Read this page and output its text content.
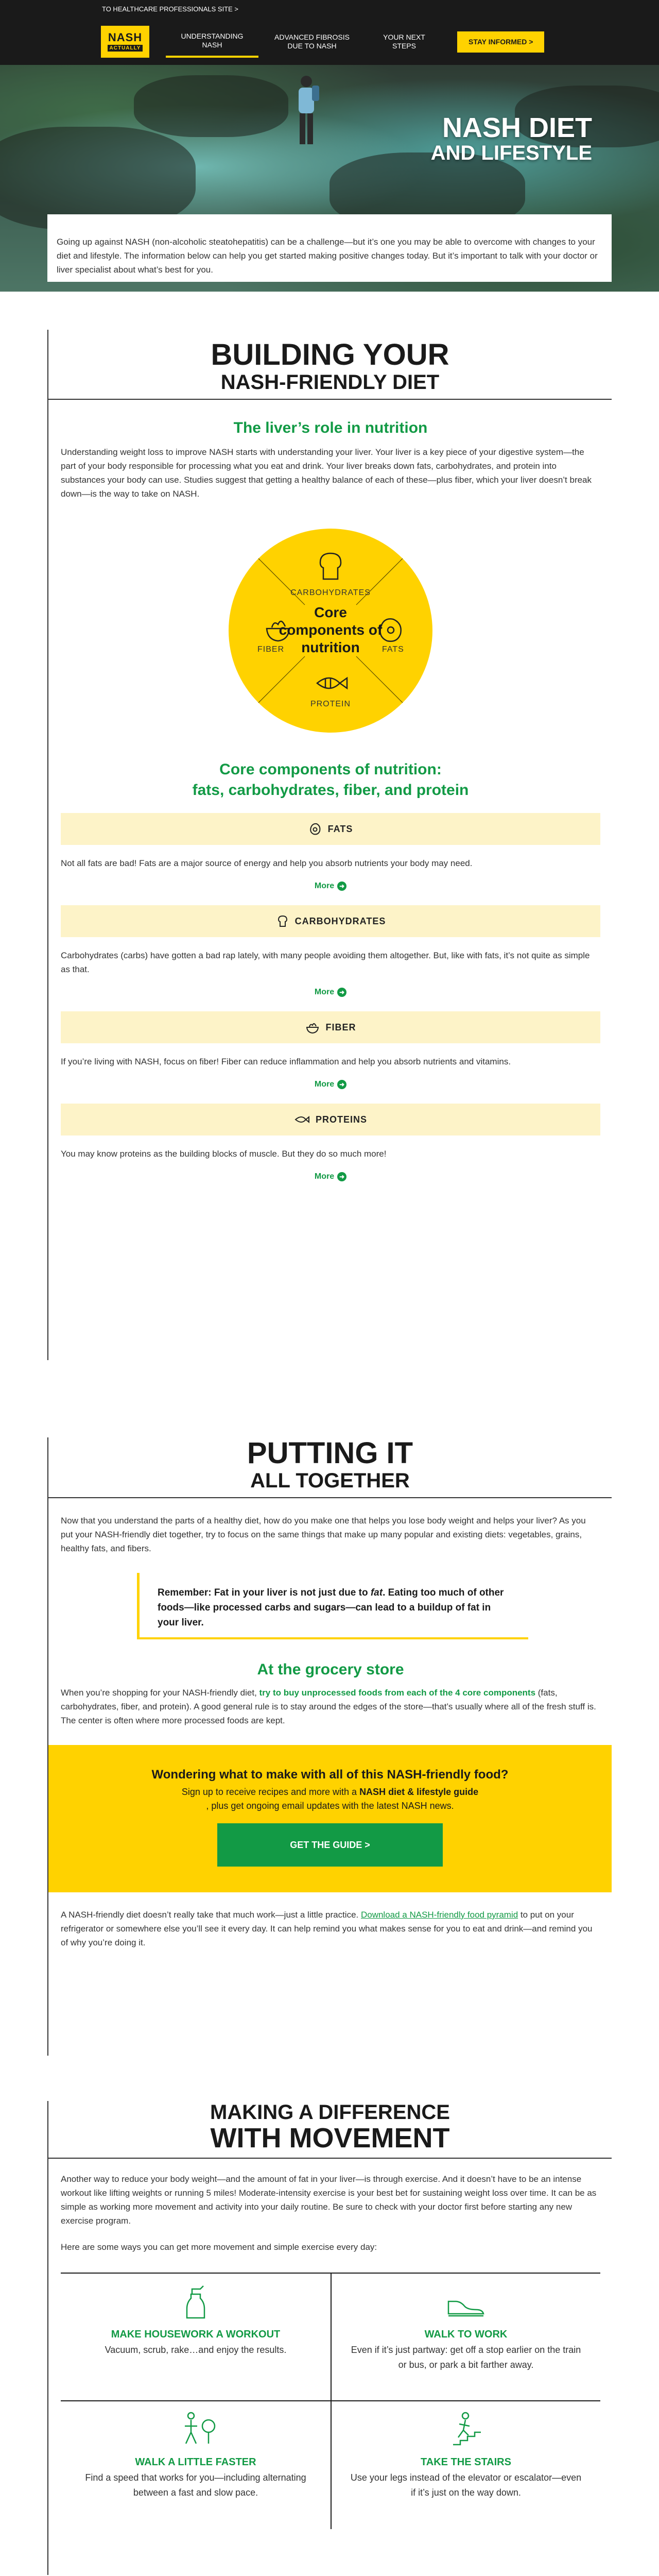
TO HEALTHCARE PROFESSIONALS SITE >
NASH
ACTUALLY
UNDERSTANDING NASH
ADVANCED FIBROSIS DUE TO NASH
YOUR NEXT STEPS
STAY INFORMED >
NASH DIET
AND LIFESTYLE
Going up against NASH (non-alcoholic steatohepatitis) can be a challenge—but it’s one you may be able to overcome with changes to your diet and lifestyle. The information below can help you get started making positive changes today. But it’s important to talk with your doctor or liver specialist about what’s best for you.
BUILDING YOUR
NASH-FRIENDLY DIET
The liver’s role in nutrition

Understanding weight loss to improve NASH starts with understanding your liver. Your liver is a key piece of your digestive system—the part of your body responsible for processing what you eat and drink. Your liver breaks down fats, carbohydrates, and protein into substances your body can use. Studies suggest that getting a healthy balance of each of these—plus fiber, which your liver doesn’t break down—is the way to take on NASH.

CARBOHYDRATES
FIBER	FATS
PROTEIN
Core components of nutrition
Core components of nutrition:
fats, carbohydrates, fiber, and protein
FATS

Not all fats are bad! Fats are a major source of energy and help you absorb nutrients your body may need.

More ➜
CARBOHYDRATES

Carbohydrates (carbs) have gotten a bad rap lately, with many people avoiding them altogether. But, like with fats, it’s not quite as simple as that.

More ➜
FIBER

If you’re living with NASH, focus on fiber! Fiber can reduce inflammation and help you absorb nutrients and vitamins.

More ➜
PROTEINS

You may know proteins as the building blocks of muscle. But they do so much more!

More ➜
PUTTING IT
ALL TOGETHER

Now that you understand the parts of a healthy diet, how do you make one that helps you lose body weight and helps your liver? As you put your NASH-friendly diet together, try to focus on the same things that make up many popular and existing diets: vegetables, grains, healthy fats, and fibers.

Remember: Fat in your liver is not just due to fat. Eating too much of other foods—like processed carbs and sugars—can lead to a buildup of fat in your liver.
At the grocery store

When you’re shopping for your NASH-friendly diet, try to buy unprocessed foods from each of the 4 core components (fats, carbohydrates, fiber, and protein). A good general rule is to stay around the edges of the store—that’s usually where all of the fresh stuff is. The center is often where more processed foods are kept.

Wondering what to make with all of this NASH-friendly food?
Sign up to receive recipes and more with a NASH diet & lifestyle guide
, plus get ongoing email updates with the latest NASH news.
GET THE GUIDE >

A NASH-friendly diet doesn’t really take that much work—just a little practice. Download a NASH-friendly food pyramid to put on your refrigerator or somewhere else you’ll see it every day. It can help remind you what makes sense for you to eat and drink—and remind you of why you’re doing it.

MAKING A DIFFERENCE
WITH MOVEMENT

Another way to reduce your body weight—and the amount of fat in your liver—is through exercise. And it doesn’t have to be an intense workout like lifting weights or running 5 miles! Moderate-intensity exercise is your best bet for sustaining weight loss over time. It can be as simple as working more movement and activity into your daily routine. Be sure to check with your doctor first before starting any new exercise program.

Here are some ways you can get more movement and simple exercise every day:

MAKE HOUSEWORK A WORKOUT
Vacuum, scrub, rake…and enjoy the results.
WALK TO WORK
Even if it’s just partway: get off a stop earlier on the train or bus, or park a bit farther away.
WALK A LITTLE FASTER
Find a speed that works for you—including alternating between a fast and slow pace.
TAKE THE STAIRS
Use your legs instead of the elevator or escalator—even if it’s just on the way down.
